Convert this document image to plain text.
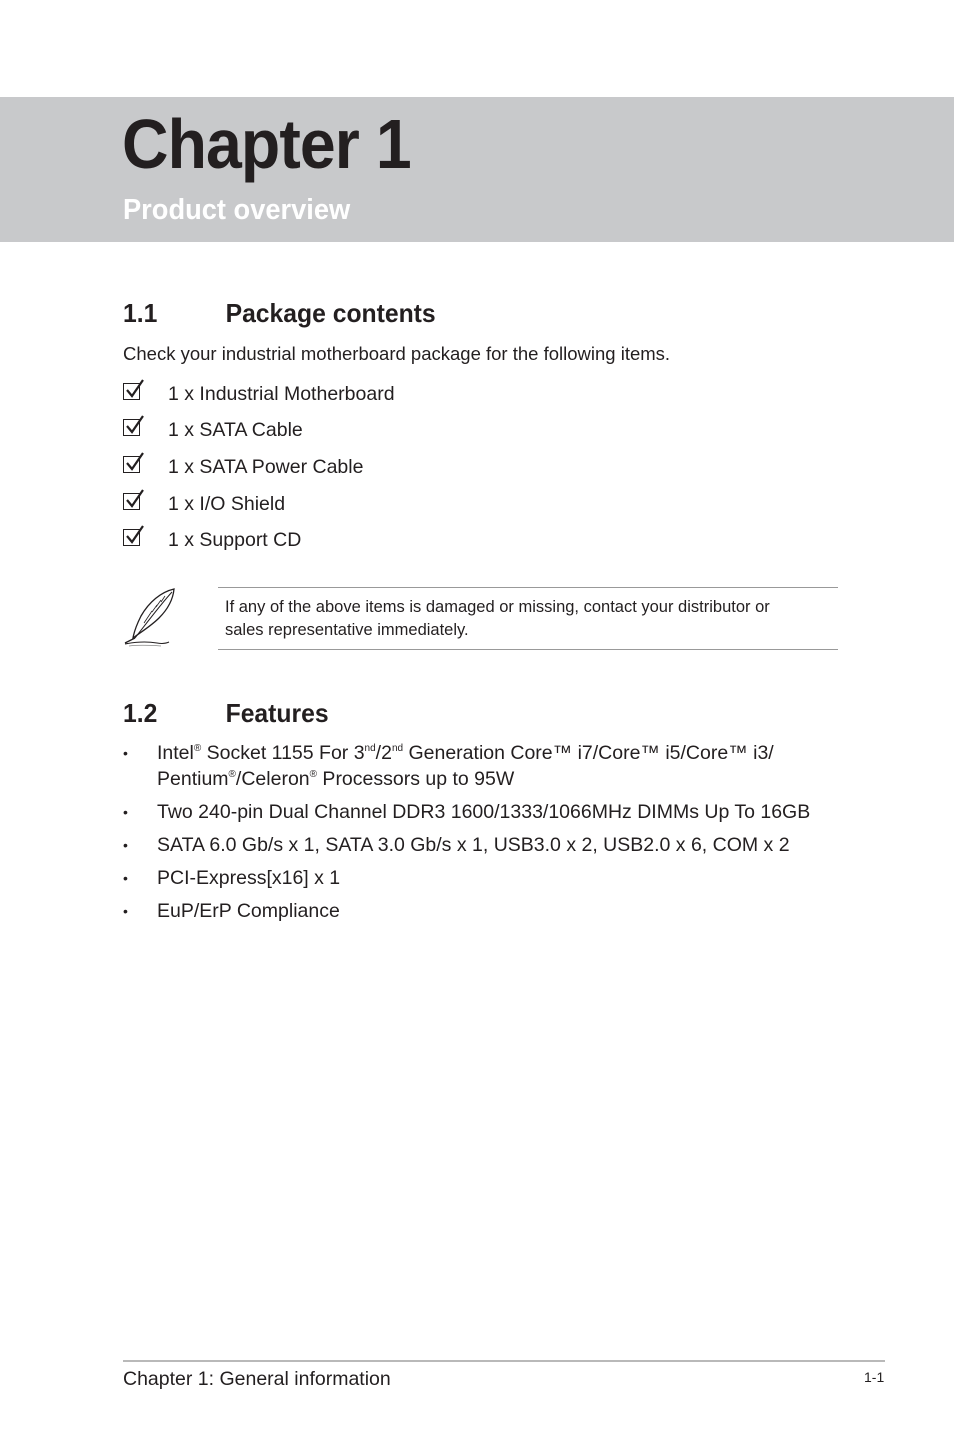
Chapter 1
Product overview
1.1	Package contents

Check your industrial motherboard package for the following items.

1 x Industrial Motherboard
1 x SATA Cable
1 x SATA Power Cable
1 x I/O Shield
1 x Support CD

If any of the above items is damaged or missing, contact your distributor or
sales representative immediately.

1.2	Features
• Intel® Socket 1155 For 3nd/2nd Generation Core™ i7/Core™ i5/Core™ i3/
Pentium®/Celeron® Processors up to 95W
• Two 240-pin Dual Channel DDR3 1600/1333/1066MHz DIMMs Up To 16GB
• SATA 6.0 Gb/s x 1, SATA 3.0 Gb/s x 1, USB3.0 x 2, USB2.0 x 6, COM x 2
• PCI-Express[x16] x 1
• EuP/ErP Compliance

Chapter 1: General information	1-1
